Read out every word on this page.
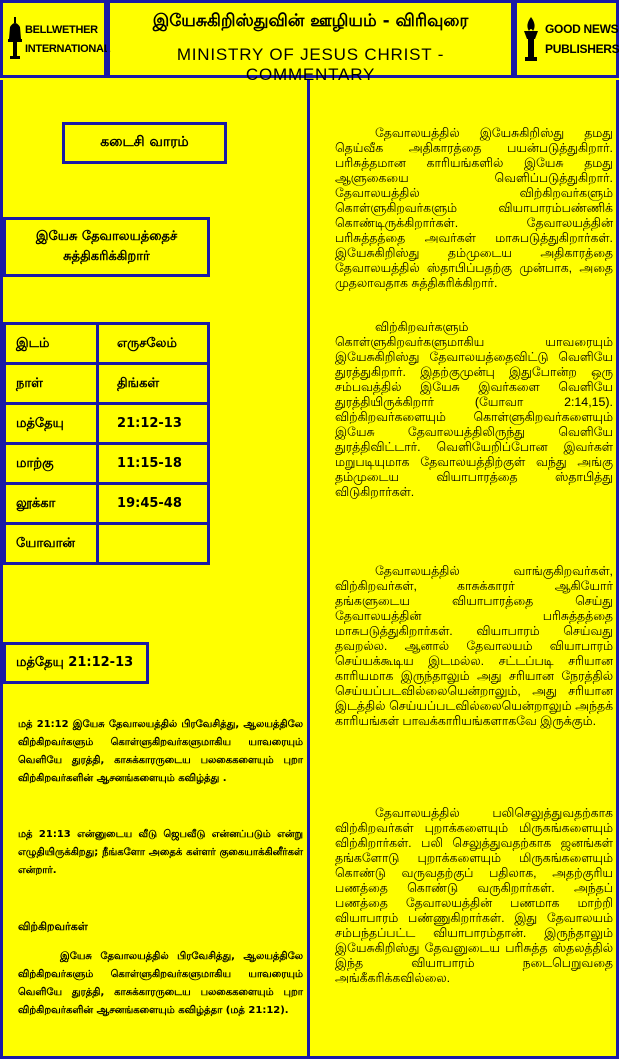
BELLWETHER
INTERNATIONAL
இயேசுகிறிஸ்துவின் ஊழியம் - விரிவுரை
MINISTRY OF JESUS CHRIST - COMMENTARY
GOOD NEWS
PUBLISHERS
கடைசி வாரம்
இயேசு தேவாலயத்தைச் சுத்திகரிக்கிறார்
இடம்	எருசலேம்
நாள்	திங்கள்
மத்தேயு	21:12-13
மாற்கு	11:15-18
லூக்கா	19:45-48
யோவான்	
மத்தேயு 21:12-13

மத் 21:12 இயேசு தேவாலயத்தில் பிரவேசித்து, ஆலயத்திலே விற்கிறவர்களும் கொள்ளுகிறவர்களுமாகிய யாவரையும் வெளியே துரத்தி, காசுக்காரருடைய பலகைகளையும் புறா விற்கிறவர்களின் ஆசனங்களையும் கவிழ்த்து .

மத் 21:13 என்னுடைய வீடு ஜெபவீடு என்னப்படும் என்று எழுதியிருக்கிறது; நீங்களோ அதைக் கள்ளர் குகையாக்கினீர்கள் என்றார்.

விற்கிறவர்கள்

இயேசு தேவாலயத்தில் பிரவேசித்து, ஆலயத்திலே விற்கிறவர்களும் கொள்ளுகிறவர்களுமாகிய யாவரையும் வெளியே துரத்தி, காசுக்காரருடைய பலகைகளையும் புறா விற்கிறவர்களின் ஆசனங்களையும் கவிழ்த்தா (மத் 21:12).

தேவாலயத்தில் இயேசுகிறிஸ்து தமது தெய்வீக அதிகாரத்தை பயன்படுத்துகிறார். பரிசுத்தமான காரியங்களில் இயேசு தமது ஆளுகையை வெளிப்படுத்துகிறார். தேவாலயத்தில் விற்கிறவர்களும் கொள்ளுகிறவர்களும் வியாபாரம்பண்ணிக் கொண்டிருக்கிறார்கள். தேவாலயத்தின் பரிசுத்தத்தை அவர்கள் மாசுபடுத்துகிறார்கள். இயேசுகிறிஸ்து தம்முடைய அதிகாரத்தை தேவாலயத்தில் ஸ்தாபிப்பதற்கு முன்பாக, அதை முதலாவதாக சுத்திகரிக்கிறார்.

விற்கிறவர்களும் கொள்ளுகிறவர்களுமாகிய யாவரையும் இயேசுகிறிஸ்து தேவாலயத்தைவிட்டு வெளியே துரத்துகிறார். இதற்குமுன்பு இதுபோன்ற ஒரு சம்பவத்தில் இயேசு இவர்களை வெளியே துரத்தியிருக்கிறார் (யோவா 2:14,15). விற்கிறவர்களையும் கொள்ளுகிறவர்களையும் இயேசு தேவாலயத்திலிருந்து வெளியே துரத்திவிட்டார். வெளியேறிப்போன இவர்கள் மறுபடியுமாக தேவாலயத்திற்குள் வந்து அங்கு தம்முடைய வியாபாரத்தை ஸ்தாபித்து விடுகிறார்கள்.

தேவாலயத்தில் வாங்குகிறவர்கள், விற்கிறவர்கள், காசுக்காரர் ஆகியோர் தங்களுடைய வியாபாரத்தை செய்து தேவாலயத்தின் பரிசுத்தத்தை மாசுபடுத்துகிறார்கள். வியாபாரம் செய்வது தவறல்ல. ஆனால் தேவாலயம் வியாபாரம் செய்யக்கூடிய இடமல்ல. சட்டப்படி சரியான காரியமாக இருந்தாலும் அது சரியான நேரத்தில் செய்யப்படவில்லையென்றாலும், அது சரியான இடத்தில் செய்யப்படவில்லையென்றாலும் அந்தக் காரியங்கள் பாவக்காரியங்களாகவே இருக்கும்.

தேவாலயத்தில் பலிசெலுத்துவதற்காக விற்கிறவர்கள் புறாக்களையும் மிருகங்களையும் விற்கிறார்கள். பலி செலுத்துவதற்காக ஜனங்கள் தங்களோடு புறாக்களையும் மிருகங்களையும் கொண்டு வருவதற்குப் பதிலாக, அதற்குரிய பணத்தை கொண்டு வருகிறார்கள். அந்தப் பணத்தை தேவாலயத்தின் பணமாக மாற்றி வியாபாரம் பண்ணுகிறார்கள். இது தேவாலயம் சம்பந்தப்பட்ட வியாபாரம்தான். இருந்தாலும் இயேசுகிறிஸ்து தேவனுடைய பரிசுத்த ஸ்தலத்தில் இந்த வியாபாரம் நடைபெறுவதை அங்கீகரிக்கவில்லை.
